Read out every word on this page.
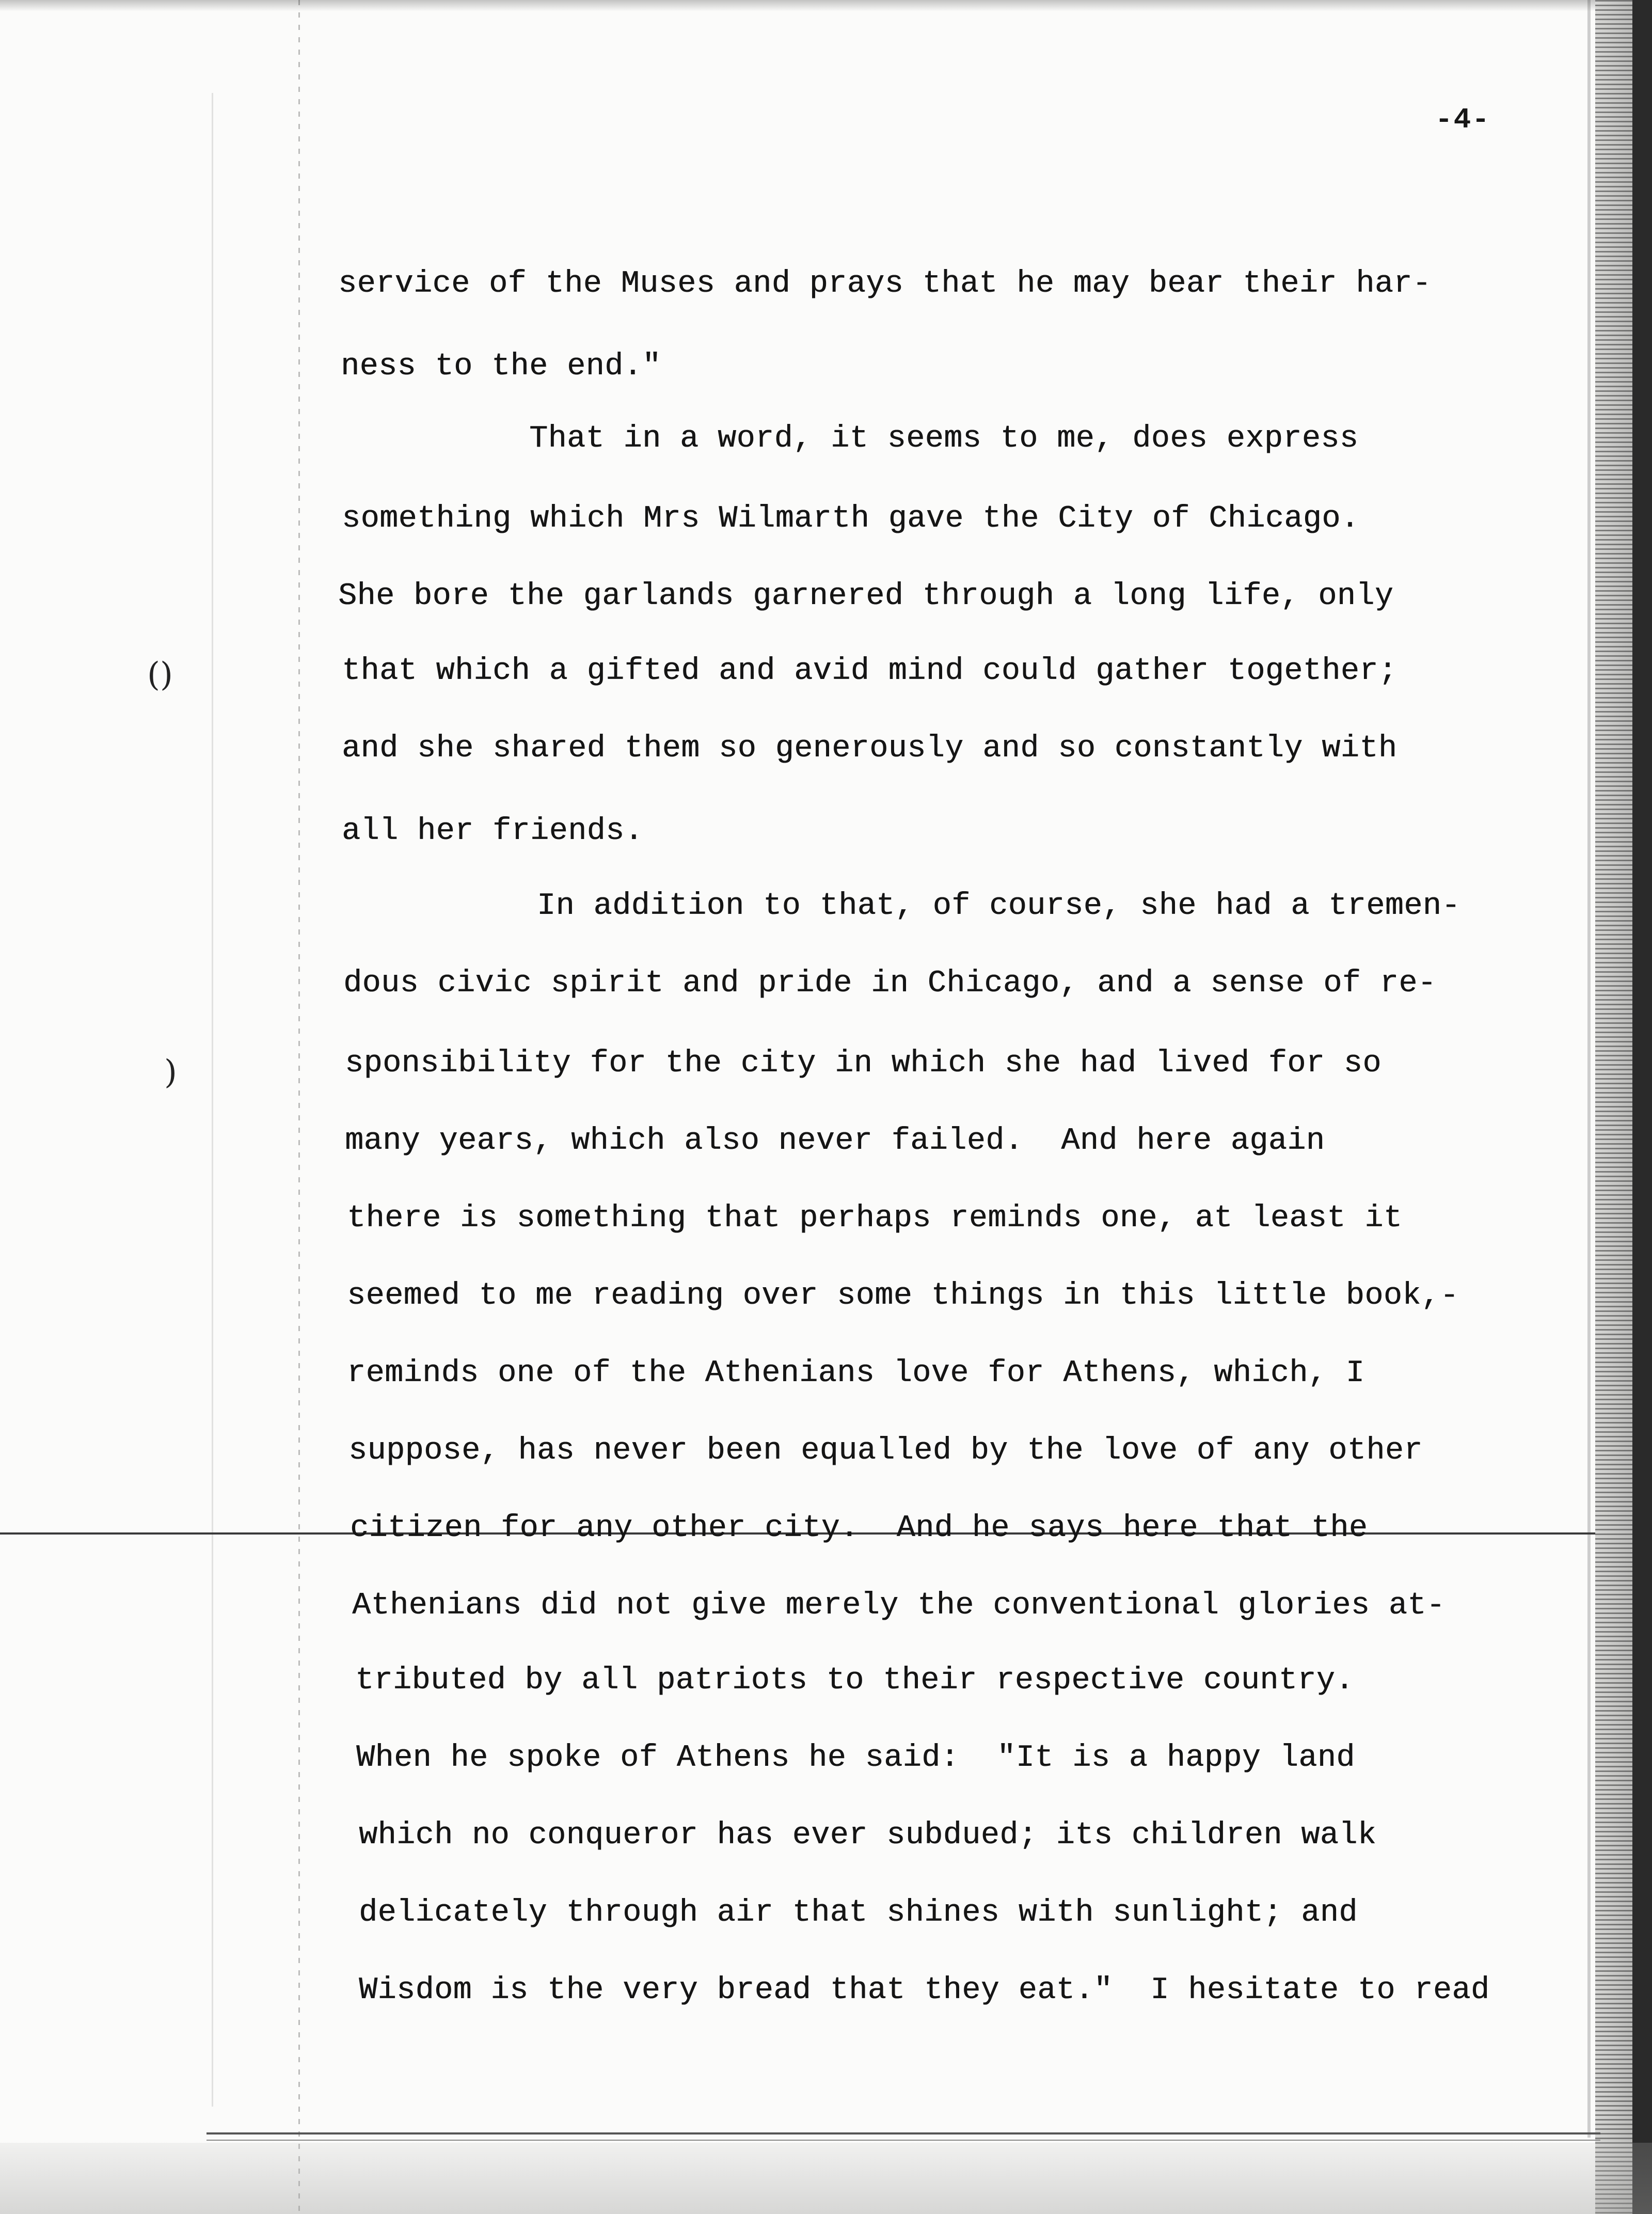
()
)
-4-
service of the Muses and prays that he may bear their har-
ness to the end."
That in a word, it seems to me, does express
something which Mrs Wilmarth gave the City of Chicago.
She bore the garlands garnered through a long life, only
that which a gifted and avid mind could gather together;
and she shared them so generously and so constantly with
all her friends.
In addition to that, of course, she had a tremen-
dous civic spirit and pride in Chicago, and a sense of re-
sponsibility for the city in which she had lived for so
many years, which also never failed.  And here again
there is something that perhaps reminds one, at least it
seemed to me reading over some things in this little book,-
reminds one of the Athenians love for Athens, which, I
suppose, has never been equalled by the love of any other
citizen for any other city.  And he says here that the
Athenians did not give merely the conventional glories at-
tributed by all patriots to their respective country.
When he spoke of Athens he said:  "It is a happy land
which no conqueror has ever subdued; its children walk
delicately through air that shines with sunlight; and
Wisdom is the very bread that they eat."  I hesitate to read
